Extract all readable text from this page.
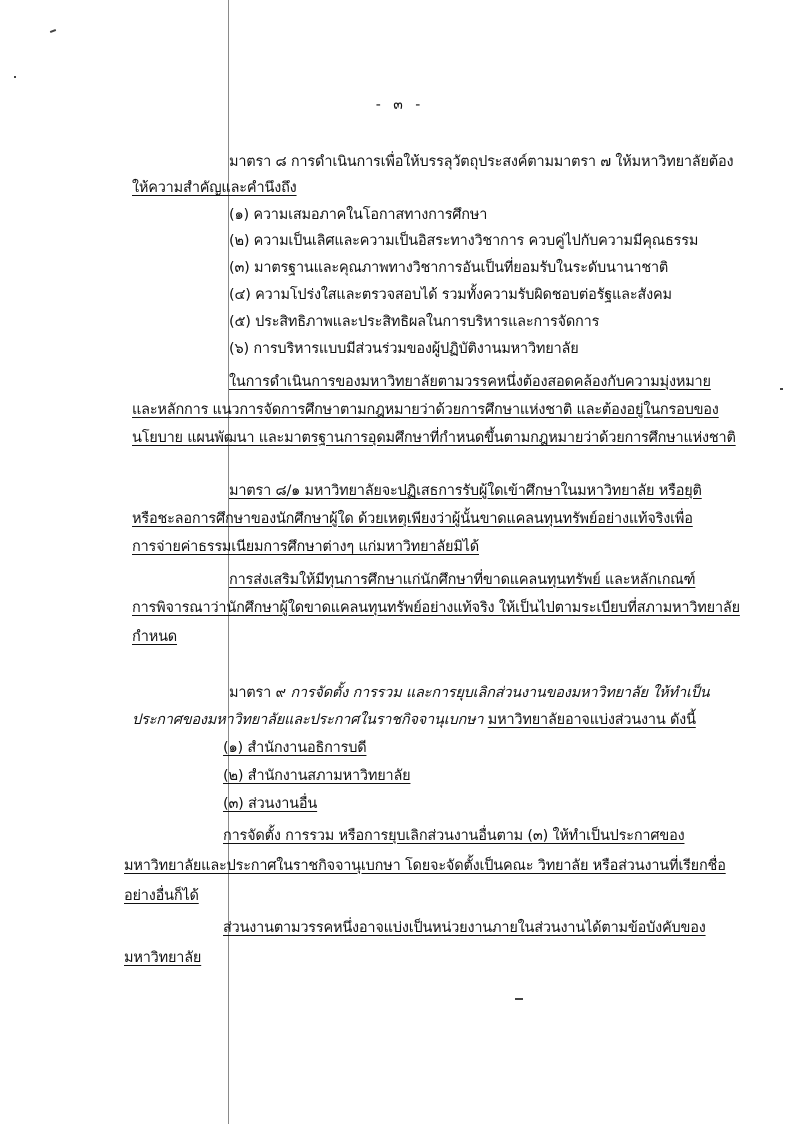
- ๓ -
มาตรา ๘ การดำเนินการเพื่อให้บรรลุวัตถุประสงค์ตามมาตรา ๗ ให้มหาวิทยาลัยต้อง
ให้ความสำคัญและคำนึงถึง
(๑) ความเสมอภาคในโอกาสทางการศึกษา
(๒) ความเป็นเลิศและความเป็นอิสระทางวิชาการ ควบคู่ไปกับความมีคุณธรรม
(๓) มาตรฐานและคุณภาพทางวิชาการอันเป็นที่ยอมรับในระดับนานาชาติ
(๔) ความโปร่งใสและตรวจสอบได้ รวมทั้งความรับผิดชอบต่อรัฐและสังคม
(๕) ประสิทธิภาพและประสิทธิผลในการบริหารและการจัดการ
(๖) การบริหารแบบมีส่วนร่วมของผู้ปฏิบัติงานมหาวิทยาลัย
ในการดำเนินการของมหาวิทยาลัยตามวรรคหนึ่งต้องสอดคล้องกับความมุ่งหมาย
และหลักการ แนวการจัดการศึกษาตามกฎหมายว่าด้วยการศึกษาแห่งชาติ และต้องอยู่ในกรอบของ
นโยบาย แผนพัฒนา และมาตรฐานการอุดมศึกษาที่กำหนดขึ้นตามกฎหมายว่าด้วยการศึกษาแห่งชาติ
มาตรา ๘/๑ มหาวิทยาลัยจะปฏิเสธการรับผู้ใดเข้าศึกษาในมหาวิทยาลัย หรือยุติ
หรือชะลอการศึกษาของนักศึกษาผู้ใด ด้วยเหตุเพียงว่าผู้นั้นขาดแคลนทุนทรัพย์อย่างแท้จริงเพื่อ
การจ่ายค่าธรรมเนียมการศึกษาต่างๆ แก่มหาวิทยาลัยมิได้
การส่งเสริมให้มีทุนการศึกษาแก่นักศึกษาที่ขาดแคลนทุนทรัพย์ และหลักเกณฑ์
การพิจารณาว่านักศึกษาผู้ใดขาดแคลนทุนทรัพย์อย่างแท้จริง ให้เป็นไปตามระเบียบที่สภามหาวิทยาลัย
กำหนด
มาตรา ๙ การจัดตั้ง การรวม และการยุบเลิกส่วนงานของมหาวิทยาลัย ให้ทำเป็น
ประกาศของมหาวิทยาลัยและประกาศในราชกิจจานุเบกษา มหาวิทยาลัยอาจแบ่งส่วนงาน ดังนี้
(๑) สำนักงานอธิการบดี
(๒) สำนักงานสภามหาวิทยาลัย
(๓) ส่วนงานอื่น
การจัดตั้ง การรวม หรือการยุบเลิกส่วนงานอื่นตาม (๓) ให้ทำเป็นประกาศของ
มหาวิทยาลัยและประกาศในราชกิจจานุเบกษา โดยจะจัดตั้งเป็นคณะ วิทยาลัย หรือส่วนงานที่เรียกชื่อ
อย่างอื่นก็ได้
ส่วนงานตามวรรคหนึ่งอาจแบ่งเป็นหน่วยงานภายในส่วนงานได้ตามข้อบังคับของ
มหาวิทยาลัย
